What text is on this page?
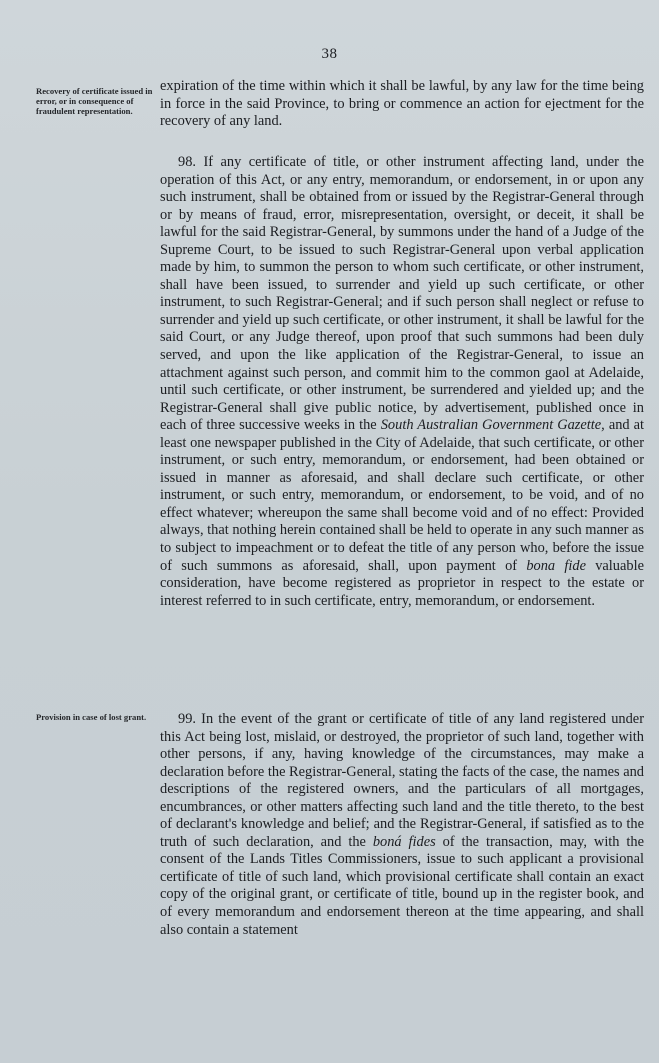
38
Recovery of certificate issued in error, or in consequence of fraudulent representation.

expiration of the time within which it shall be lawful, by any law for the time being in force in the said Province, to bring or commence an action for ejectment for the recovery of any land.

98. If any certificate of title, or other instrument affecting land, under the operation of this Act, or any entry, memorandum, or endorsement, in or upon any such instrument, shall be obtained from or issued by the Registrar-General through or by means of fraud, error, misrepresentation, oversight, or deceit, it shall be lawful for the said Registrar-General, by summons under the hand of a Judge of the Supreme Court, to be issued to such Registrar-General upon verbal application made by him, to summon the person to whom such certificate, or other instrument, shall have been issued, to surrender and yield up such certificate, or other instrument, to such Registrar-General; and if such person shall neglect or refuse to surrender and yield up such certificate, or other instrument, it shall be lawful for the said Court, or any Judge thereof, upon proof that such summons had been duly served, and upon the like application of the Registrar-General, to issue an attachment against such person, and commit him to the common gaol at Adelaide, until such certificate, or other instrument, be surrendered and yielded up; and the Registrar-General shall give public notice, by advertisement, published once in each of three successive weeks in the South Australian Government Gazette, and at least one newspaper published in the City of Adelaide, that such certificate, or other instrument, or such entry, memorandum, or endorsement, had been obtained or issued in manner as aforesaid, and shall declare such certificate, or other instrument, or such entry, memorandum, or endorsement, to be void, and of no effect whatever; whereupon the same shall become void and of no effect: Provided always, that nothing herein contained shall be held to operate in any such manner as to subject to impeachment or to defeat the title of any person who, before the issue of such summons as aforesaid, shall, upon payment of bona fide valuable consideration, have become registered as proprietor in respect to the estate or interest referred to in such certificate, entry, memorandum, or endorsement.

Provision in case of lost grant.	99. In the event of the grant or certificate of title of any land registered under this Act being lost, mislaid, or destroyed, the proprietor of such land, together with other persons, if any, having knowledge of the circumstances, may make a declaration before the Registrar-General, stating the facts of the case, the names and descriptions of the registered owners, and the particulars of all mortgages, encumbrances, or other matters affecting such land and the title thereto, to the best of declarant's knowledge and belief; and the Registrar-General, if satisfied as to the truth of such declaration, and the boná fides of the transaction, may, with the consent of the Lands Titles Commissioners, issue to such applicant a provisional certificate of title of such land, which provisional certificate shall contain an exact copy of the original grant, or certificate of title, bound up in the register book, and of every memorandum and endorsement thereon at the time appearing, and shall also contain a statement
